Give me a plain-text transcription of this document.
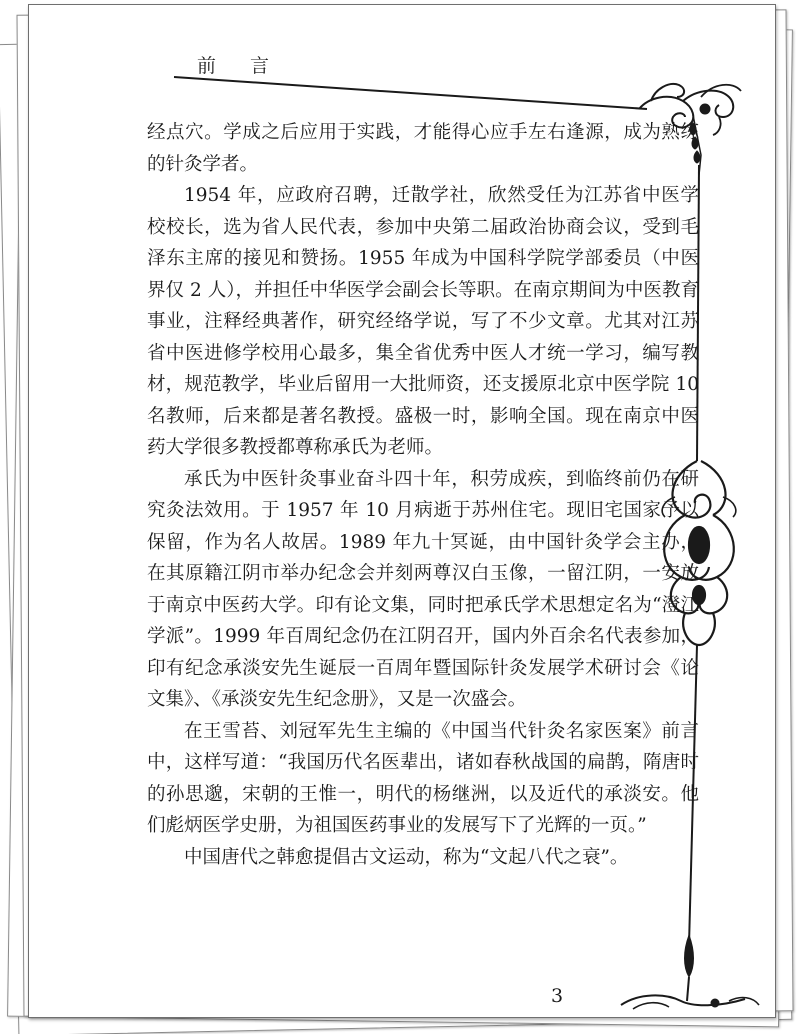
前 言

经点穴。学成之后应用于实践，才能得心应手左右逢源，成为熟练的针灸学者。

1954 年，应政府召聘，迁散学社，欣然受任为江苏省中医学校校长，选为省人民代表，参加中央第二届政治协商会议，受到毛泽东主席的接见和赞扬。1955 年成为中国科学院学部委员（中医界仅 2 人），并担任中华医学会副会长等职。在南京期间为中医教育事业，注释经典著作，研究经络学说，写了不少文章。尤其对江苏省中医进修学校用心最多，集全省优秀中医人才统一学习，编写教材，规范教学，毕业后留用一大批师资，还支援原北京中医学院 10 名教师，后来都是著名教授。盛极一时，影响全国。现在南京中医药大学很多教授都尊称承氏为老师。

承氏为中医针灸事业奋斗四十年，积劳成疾，到临终前仍在研究灸法效用。于 1957 年 10 月病逝于苏州住宅。现旧宅国家予以保留，作为名人故居。1989 年九十冥诞，由中国针灸学会主办，在其原籍江阴市举办纪念会并刻两尊汉白玉像，一留江阴，一安放于南京中医药大学。印有论文集，同时把承氏学术思想定名为“澄江学派”。1999 年百周纪念仍在江阴召开，国内外百余名代表参加，印有纪念承淡安先生诞辰一百周年暨国际针灸发展学术研讨会《论文集》、《承淡安先生纪念册》，又是一次盛会。

在王雪苔、刘冠军先生主编的《中国当代针灸名家医案》前言中，这样写道：“我国历代名医辈出，诸如春秋战国的扁鹊，隋唐时的孙思邈，宋朝的王惟一，明代的杨继洲，以及近代的承淡安。他们彪炳医学史册，为祖国医药事业的发展写下了光辉的一页。”

中国唐代之韩愈提倡古文运动，称为“文起八代之衰”。

3
